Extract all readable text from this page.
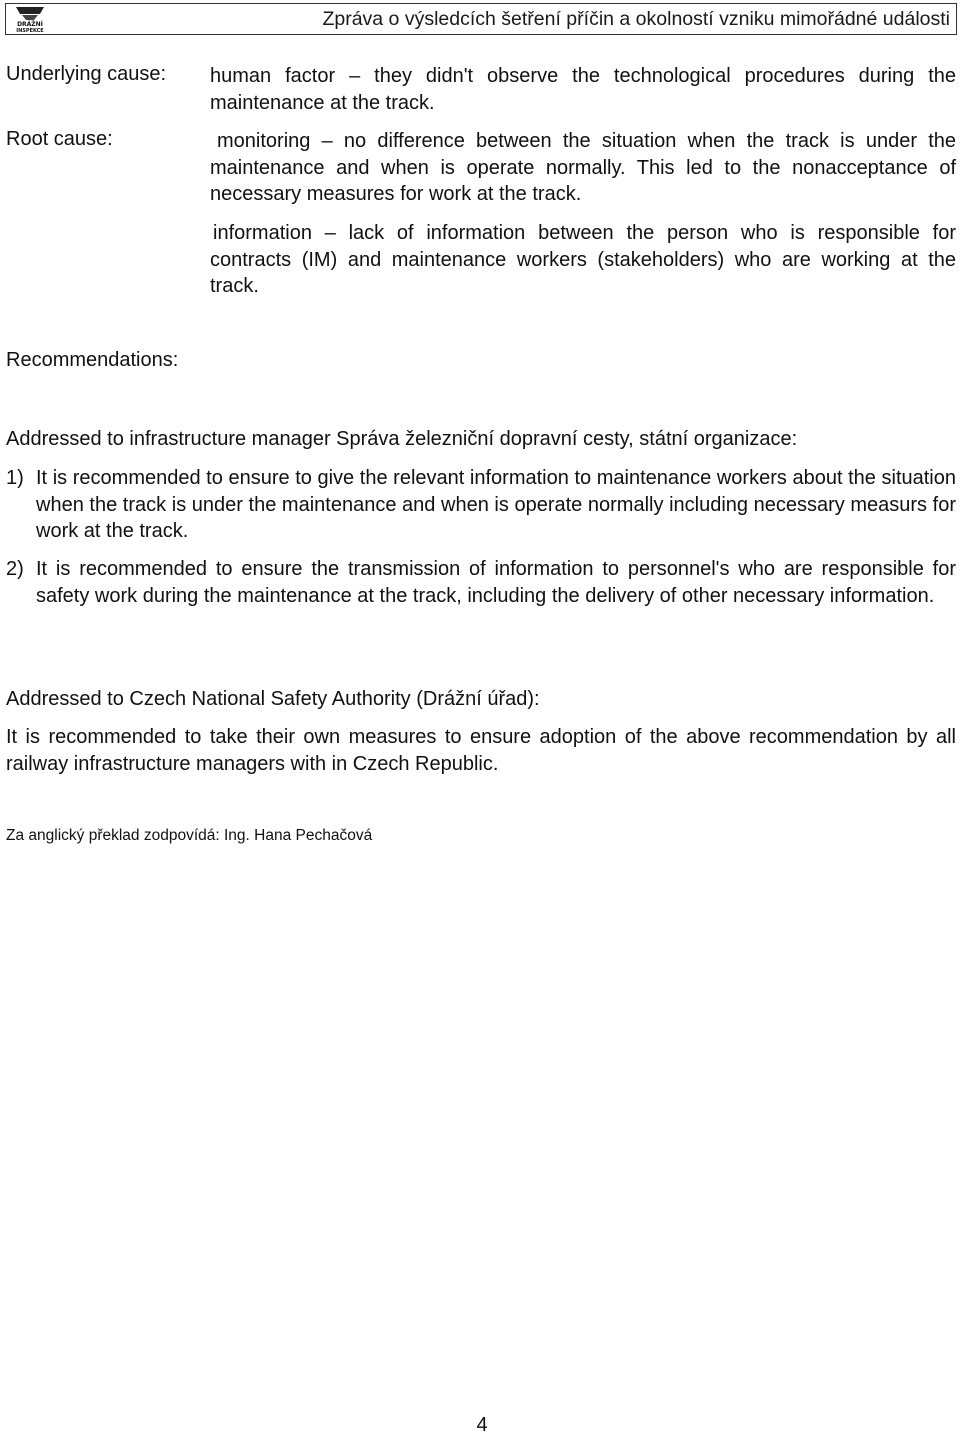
DRÁŽNÍ
INSPEKCE
Zpráva o výsledcích šetření příčin a okolností vzniku mimořádné události
Underlying cause: human factor – they didn't observe the technological procedures during the maintenance at the track.
Root cause:	monitoring – no difference between the situation when the track is under the maintenance and when is operate normally. This led to the nonacceptance of necessary measures for work at the track.
information – lack of information between the person who is responsible for contracts (IM) and maintenance workers (stakeholders) who are working at the track.
Recommendations:
Addressed to infrastructure manager Správa železniční dopravní cesty, státní organizace:
1) It is recommended to ensure to give the relevant information to maintenance workers about the situation when the track is under the maintenance and when is operate normally including necessary measurs for work at the track.
2) It is recommended to ensure the transmission of information to personnel's who are responsible for safety work during the maintenance at the track, including the delivery of other necessary information.
Addressed to Czech National Safety Authority (Drážní úřad):
It is recommended to take their own measures to ensure adoption of the above recommendation by all railway infrastructure managers with in Czech Republic.
Za anglický překlad zodpovídá: Ing. Hana Pechačová
4
